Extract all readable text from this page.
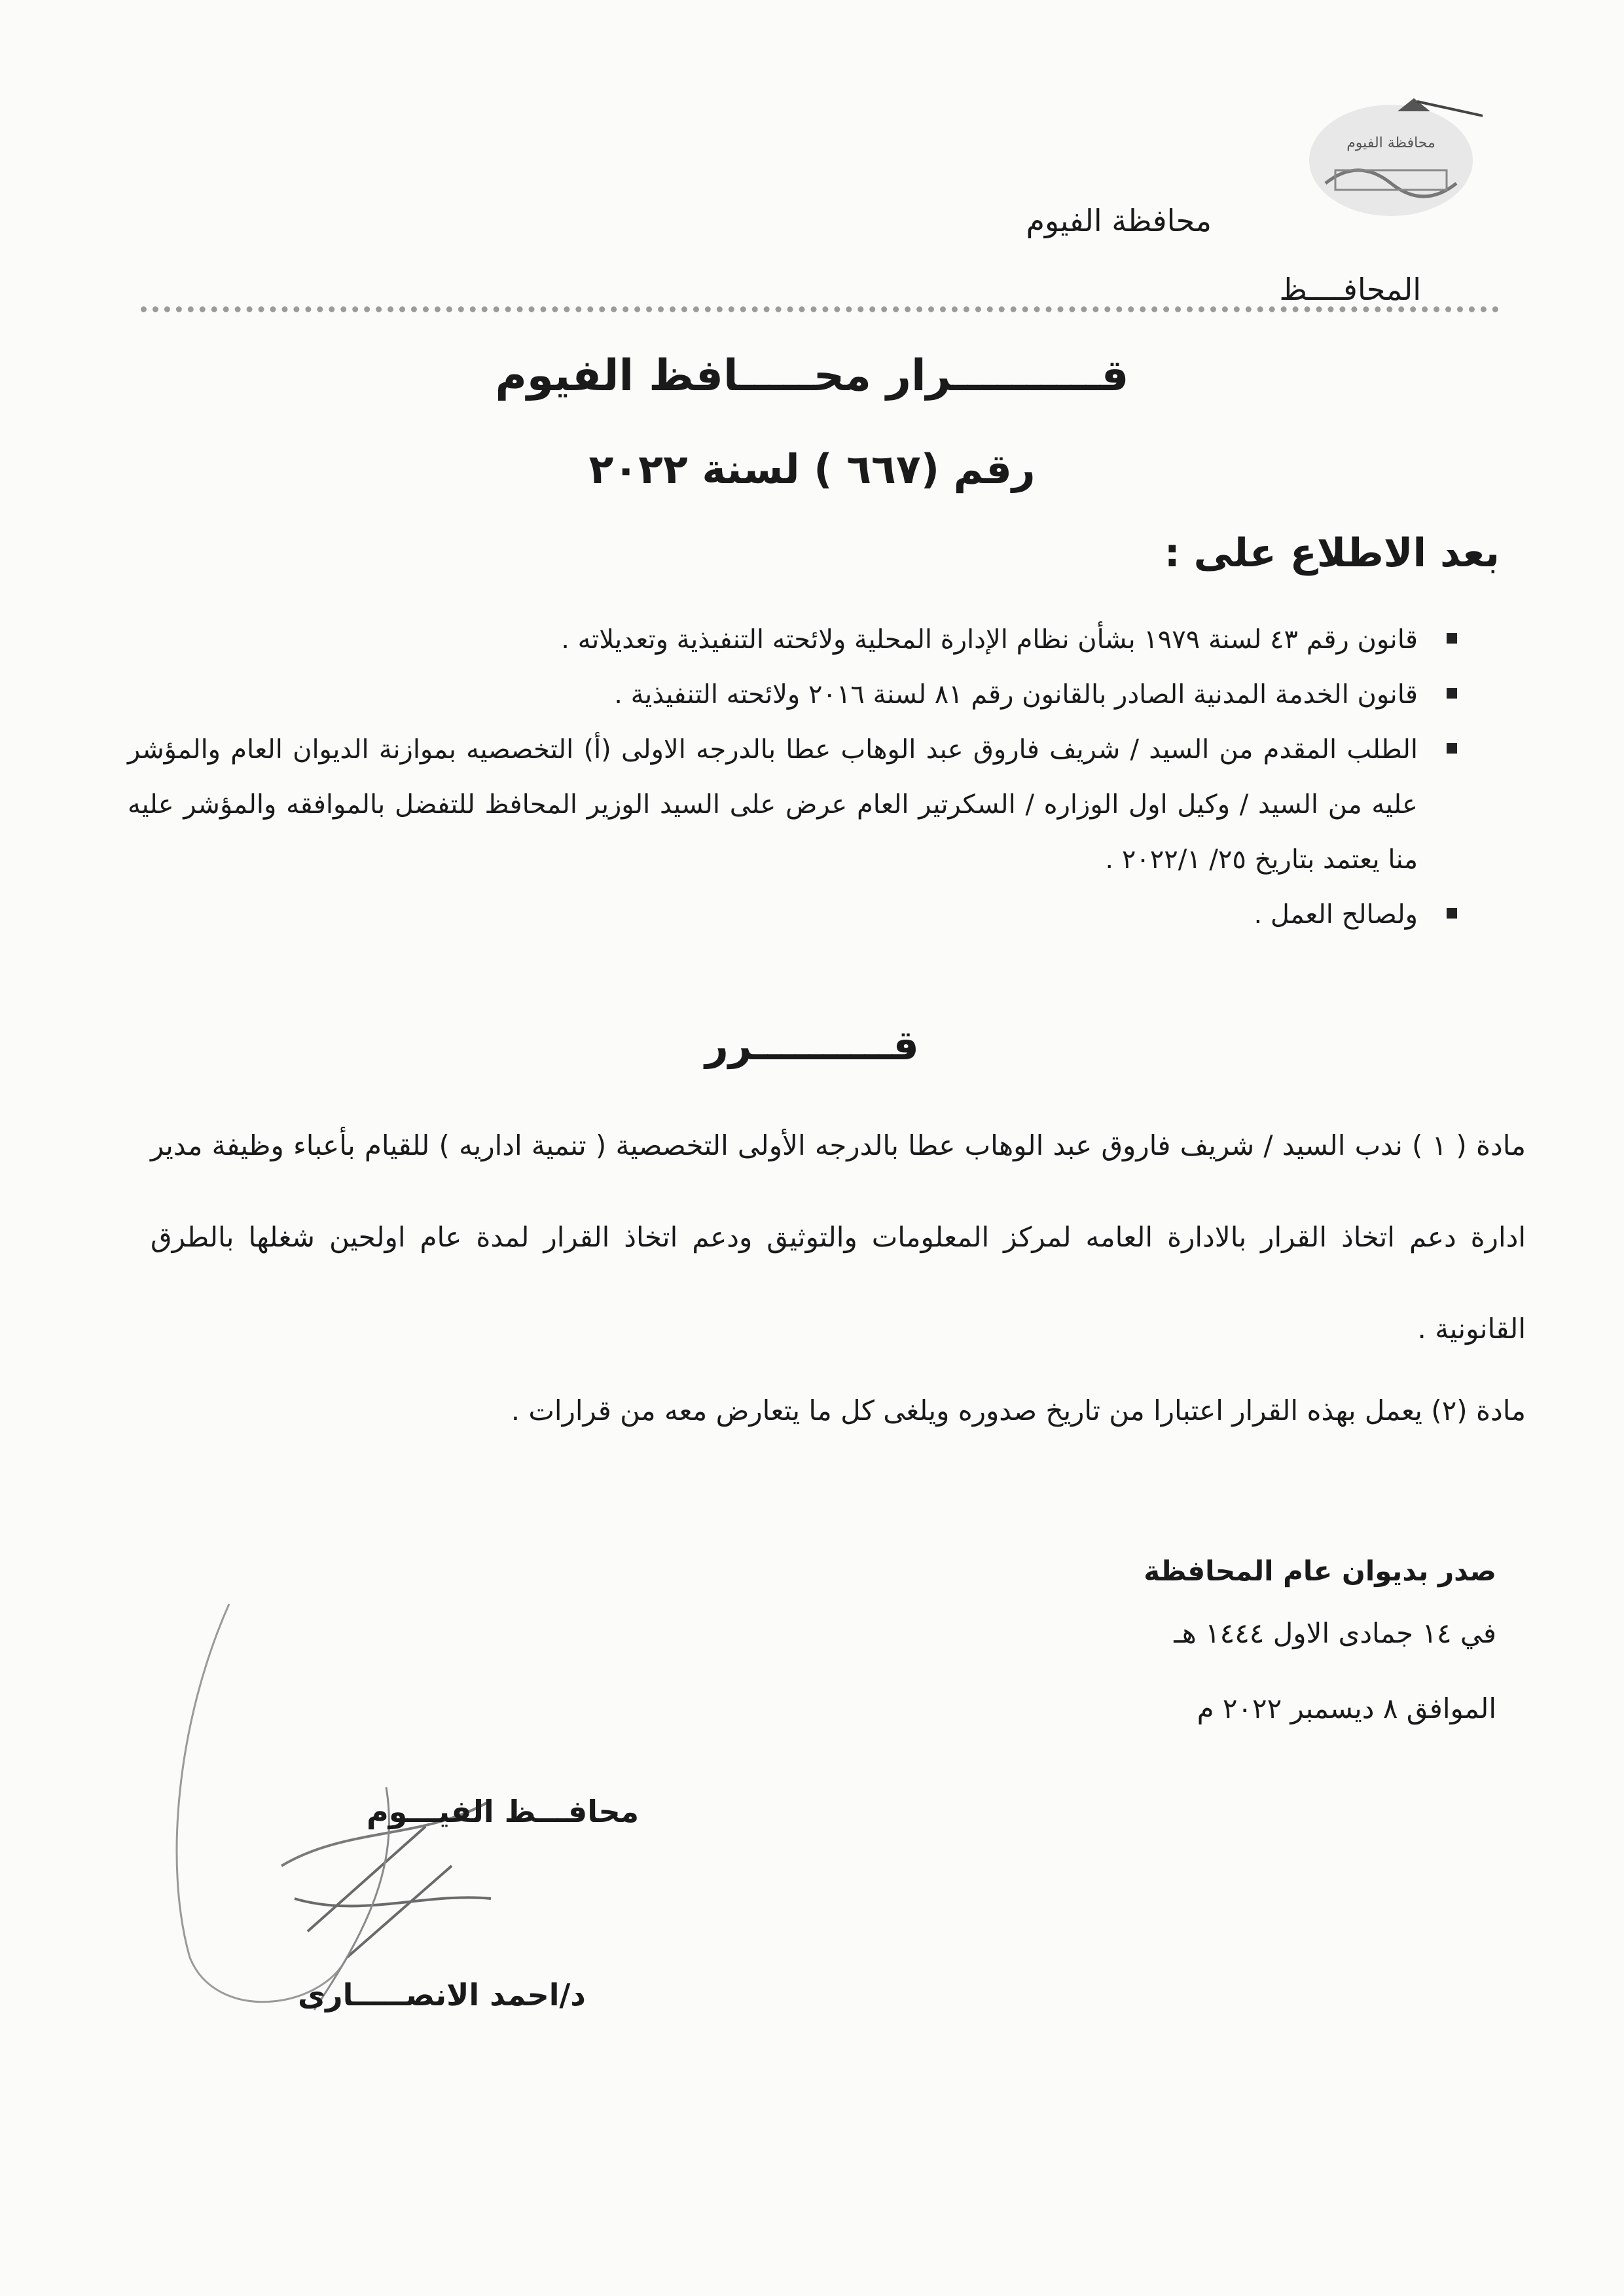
محافظة الفيوم
محافظة الفيوم
المحافــــظ
قــــــــــرار محـــــافظ الفيوم
رقم (٦٦٧ ) لسنة ٢٠٢٢
بعد الاطلاع على :
قانون رقم ٤٣ لسنة ١٩٧٩ بشأن نظام الإدارة المحلية ولائحته التنفيذية وتعديلاته .
قانون الخدمة المدنية الصادر بالقانون رقم ٨١ لسنة ٢٠١٦ ولائحته التنفيذية .
الطلب المقدم من السيد / شريف فاروق عبد الوهاب عطا بالدرجه الاولى (أ) التخصصيه بموازنة الديوان العام والمؤشر عليه من السيد / وكيل اول الوزاره / السكرتير العام عرض على السيد الوزير المحافظ للتفضل بالموافقه والمؤشر عليه منا يعتمد بتاريخ ٢٥/ ٢٠٢٢/١ .
ولصالح العمل .
قــــــــــرر
مادة ( ١ ) ندب السيد / شريف فاروق عبد الوهاب عطا بالدرجه الأولى التخصصية ( تنمية اداريه ) للقيام بأعباء وظيفة مدير ادارة دعم اتخاذ القرار بالادارة العامه لمركز المعلومات والتوثيق ودعم اتخاذ القرار لمدة عام اولحين شغلها بالطرق القانونية .
مادة (٢) يعمل بهذه القرار اعتبارا من تاريخ صدوره ويلغى كل ما يتعارض معه من قرارات .
صدر بديوان عام المحافظة
في ١٤ جمادى الاول ١٤٤٤ هـ
الموافق ٨ ديسمبر ٢٠٢٢ م
محافـــظ الفيـــوم
د/احمد الانصـــــارى
